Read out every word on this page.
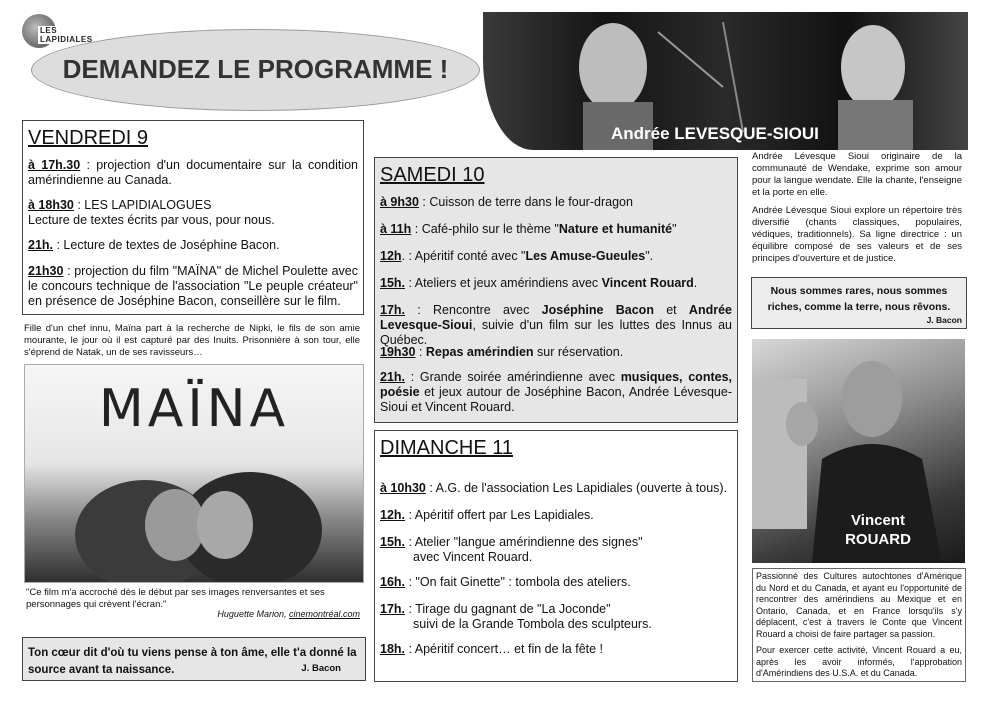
LES LAPIDIALES
DEMANDEZ LE PROGRAMME !
Andrée LEVESQUE-SIOUI
VENDREDI 9
à 17h.30 : projection d'un documentaire sur la condition amérindienne au Canada.
à 18h30 : LES LAPIDIALOGUES
Lecture de textes écrits par vous, pour nous.
21h. : Lecture de textes de Joséphine Bacon.
21h30 : projection du film "MAÏNA" de Michel Poulette avec le concours technique de l'association "Le peuple créateur" en présence de Joséphine Bacon, conseillère sur le film.
Fille d'un chef innu, Maïna part à la recherche de Nipki, le fils de son amie mourante, le jour où il est capturé par des Inuits. Prisonnière à son tour, elle s'éprend de Natak, un de ses ravisseurs…
MAÏNA
"Ce film m'a accroché dès le début par ses images renversantes et ses personnages qui crèvent l'écran."
Huguette Marion, cinemontréal.com
Ton cœur dit d'où tu viens pense à ton âme, elle t'a donné la source avant ta naissance.	J. Bacon
SAMEDI 10
à 9h30 : Cuisson de terre dans le four-dragon
à 11h : Café-philo sur le thème "Nature et humanité"
12h. : Apéritif conté avec "Les Amuse-Gueules".
15h. : Ateliers et jeux amérindiens avec Vincent Rouard.
17h. : Rencontre avec Joséphine Bacon et Andrée Levesque-Sioui, suivie d'un film sur les luttes des Innus au Québec.
19h30 : Repas amérindien sur réservation.
21h. : Grande soirée amérindienne avec musiques, contes, poésie et jeux autour de Joséphine Bacon, Andrée Lévesque-Sioui et Vincent Rouard.
DIMANCHE 11
à 10h30 : A.G. de l'association Les Lapidiales (ouverte à tous).
12h. : Apéritif offert par Les Lapidiales.
15h. : Atelier "langue amérindienne des signes"
avec Vincent Rouard.
16h. : "On fait Ginette" : tombola des ateliers.
17h. : Tirage du gagnant de "La Joconde"
suivi de la Grande Tombola des sculpteurs.
18h. : Apéritif concert… et fin de la fête !
Andrée Lévesque Sioui originaire de la communauté de Wendake, exprime son amour pour la langue wendate. Elle la chante, l'enseigne et la porte en elle.
Andrée Lévesque Sioui explore un répertoire très diversifié (chants classiques, populaires, védiques, traditionnels). Sa ligne directrice : un équilibre composé de ses valeurs et de ses principes d'ouverture et de justice.
Nous sommes rares, nous sommes riches, comme la terre, nous rêvons.
J. Bacon
Vincent
ROUARD
Passionné des Cultures autochtones d'Amérique du Nord et du Canada, et ayant eu l'opportunité de rencontrer des amérindiens au Mexique et en Ontario, Canada, et en France lorsqu'ils s'y déplacent, c'est à travers le Conte que Vincent Rouard a choisi de faire partager sa passion.
Pour exercer cette activité, Vincent Rouard a eu, après les avoir informés, l'approbation d'Amérindiens des U.S.A. et du Canada.
